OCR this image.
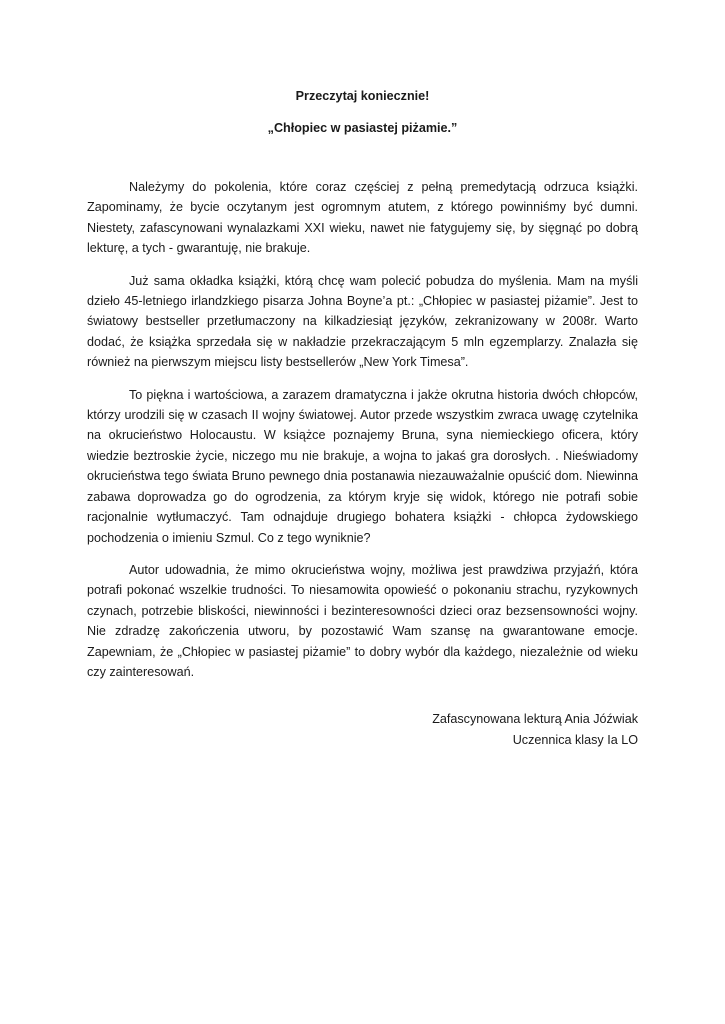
Przeczytaj koniecznie!

„Chłopiec w pasiastej piżamie.”

Należymy do pokolenia, które coraz częściej z pełną premedytacją odrzuca książki. Zapominamy, że bycie oczytanym jest ogromnym atutem, z którego powinniśmy być dumni. Niestety, zafascynowani wynalazkami XXI wieku, nawet nie fatygujemy się, by sięgnąć po dobrą lekturę, a tych - gwarantuję, nie brakuje.

Już sama okładka książki, którą chcę wam polecić pobudza do myślenia. Mam na myśli dzieło 45-letniego irlandzkiego pisarza Johna Boyne’a pt.: „Chłopiec w pasiastej piżamie”. Jest to światowy bestseller przetłumaczony na kilkadziesiąt języków, zekranizowany w 2008r. Warto dodać, że książka sprzedała się w nakładzie przekraczającym 5 mln egzemplarzy. Znalazła się również na pierwszym miejscu listy bestsellerów „New York Timesa”.

To piękna i wartościowa, a zarazem dramatyczna i jakże okrutna historia dwóch chłopców, którzy urodzili się w czasach II wojny światowej. Autor przede wszystkim zwraca uwagę czytelnika na okrucieństwo Holocaustu. W książce poznajemy Bruna, syna niemieckiego oficera, który wiedzie beztroskie życie, niczego mu nie brakuje, a wojna to jakaś gra dorosłych. . Nieświadomy okrucieństwa tego świata Bruno pewnego dnia postanawia niezauważalnie opuścić dom. Niewinna zabawa doprowadza go do ogrodzenia, za którym kryje się widok, którego nie potrafi sobie racjonalnie wytłumaczyć. Tam odnajduje drugiego bohatera książki - chłopca żydowskiego pochodzenia o imieniu Szmul. Co z tego wyniknie?

Autor udowadnia, że mimo okrucieństwa wojny, możliwa jest prawdziwa przyjaźń, która potrafi pokonać wszelkie trudności. To niesamowita opowieść o pokonaniu strachu, ryzykownych czynach, potrzebie bliskości, niewinności i bezinteresowności dzieci oraz bezsensowności wojny. Nie zdradzę zakończenia utworu, by pozostawić Wam szansę na gwarantowane emocje. Zapewniam, że „Chłopiec w pasiastej piżamie” to dobry wybór dla każdego, niezależnie od wieku czy zainteresowań.

Zafascynowana lekturą Ania Jóźwiak
Uczennica klasy Ia LO
